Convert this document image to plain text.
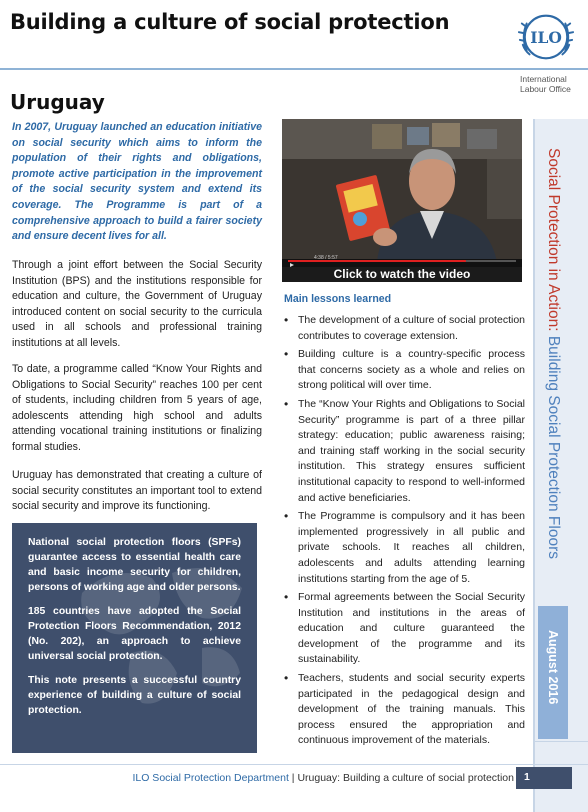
Building a culture of social protection
ILO
International Labour Office
Uruguay

In 2007, Uruguay launched an education initiative on social security which aims to inform the population of their rights and obligations, promote active participation in the improvement of the social security system and extend its coverage. The Programme is part of a comprehensive approach to build a fairer society and ensure decent lives for all.

Through a joint effort between the Social Security Institution (BPS) and the institutions responsible for education and culture, the Government of Uruguay introduced content on social security to the curricula used in all schools and professional training institutions at all levels.

To date, a programme called “Know Your Rights and Obligations to Social Security” reaches 100 per cent of students, including children from 5 years of age, adolescents attending high school and adults attending vocational training institutions or finalizing formal studies.

Uruguay has demonstrated that creating a culture of social security constitutes an important tool to extend social security and improve its functioning.

National social protection floors (SPFs) guarantee access to essential health care and basic income security for children, persons of working age and older persons.

185 countries have adopted the Social Protection Floors Recommendation, 2012 (No. 202), an approach to achieve universal social protection.

This note presents a successful country experience of building a culture of social protection.

Click to watch the video
4:38 / 5:57
Main lessons learned
• The development of a culture of social protection contributes to coverage extension.
• Building culture is a country-specific process that concerns society as a whole and relies on strong political will over time.
• The “Know Your Rights and Obligations to Social Security” programme is part of a three pillar strategy: education; public awareness raising; and training staff working in the social security institution. This strategy ensures sufficient institutional capacity to respond to well-informed and active beneficiaries.
• The Programme is compulsory and it has been implemented progressively in all public and private schools. It reaches all children, adolescents and adults attending learning institutions starting from the age of 5.
• Formal agreements between the Social Security Institution and institutions in the areas of education and culture guaranteed the development of the programme and its sustainability.
• Teachers, students and social security experts participated in the pedagogical design and development of the training manuals. This process ensured the appropriation and continuous improvement of the materials.
Social Protection in Action: Building Social Protection Floors
August 2016
ILO Social Protection Department | Uruguay: Building a culture of social protection 1
